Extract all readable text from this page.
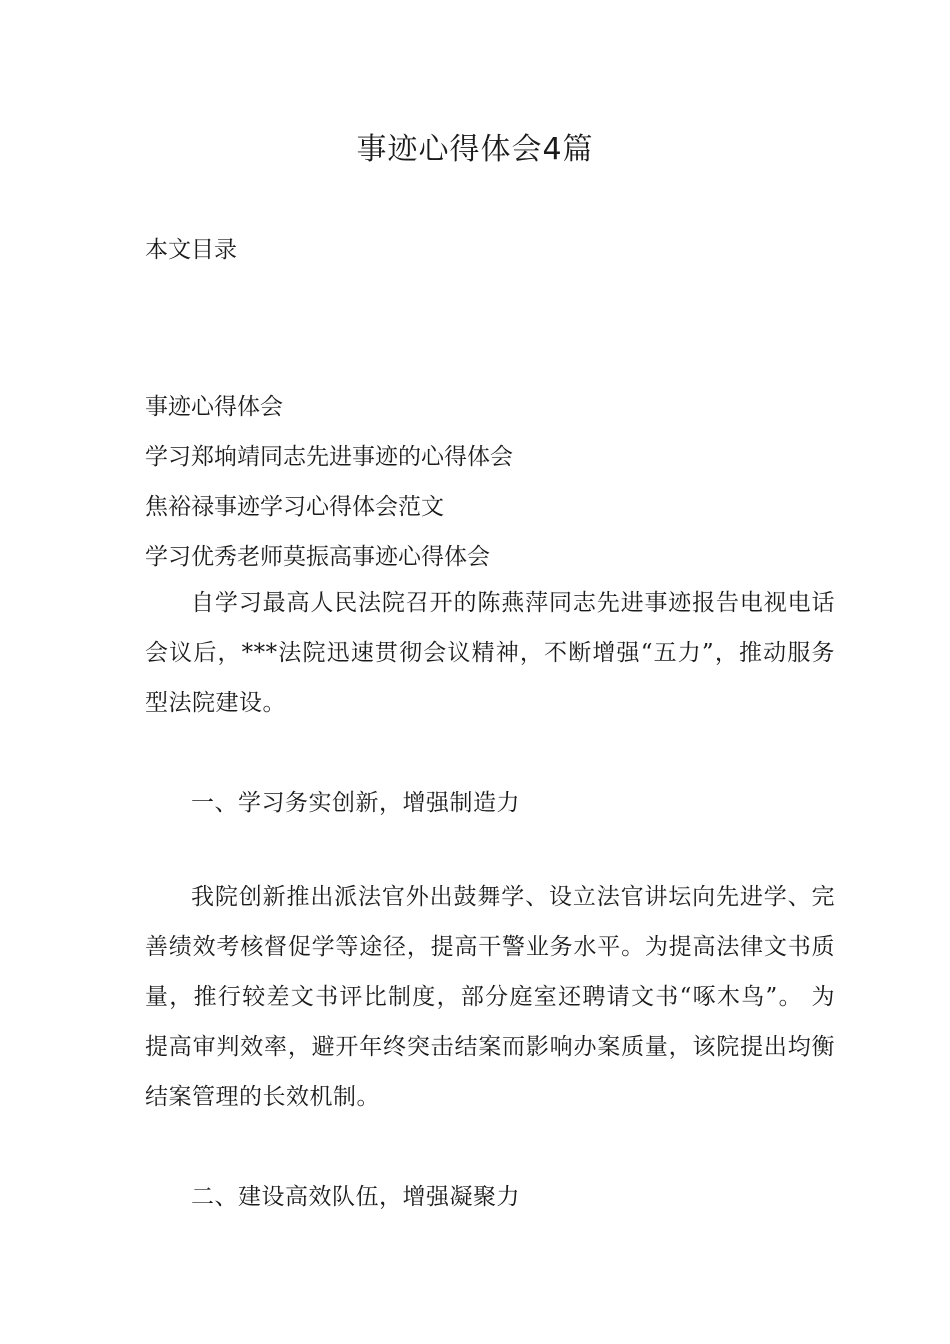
事迹心得体会4篇
本文目录
事迹心得体会
学习郑垧靖同志先进事迹的心得体会
焦裕禄事迹学习心得体会范文
学习优秀老师莫振高事迹心得体会

自学习最高人民法院召开的陈燕萍同志先进事迹报告电视电话会议后，***法院迅速贯彻会议精神，不断增强“五力”，推动服务型法院建设。

一、学习务实创新，增强制造力

我院创新推出派法官外出鼓舞学、设立法官讲坛向先进学、完善绩效考核督促学等途径，提高干警业务水平。为提高法律文书质量，推行较差文书评比制度，部分庭室还聘请文书“啄木鸟”。 为提高审判效率，避开年终突击结案而影响办案质量，该院提出均衡结案管理的长效机制。

二、建设高效队伍，增强凝聚力
